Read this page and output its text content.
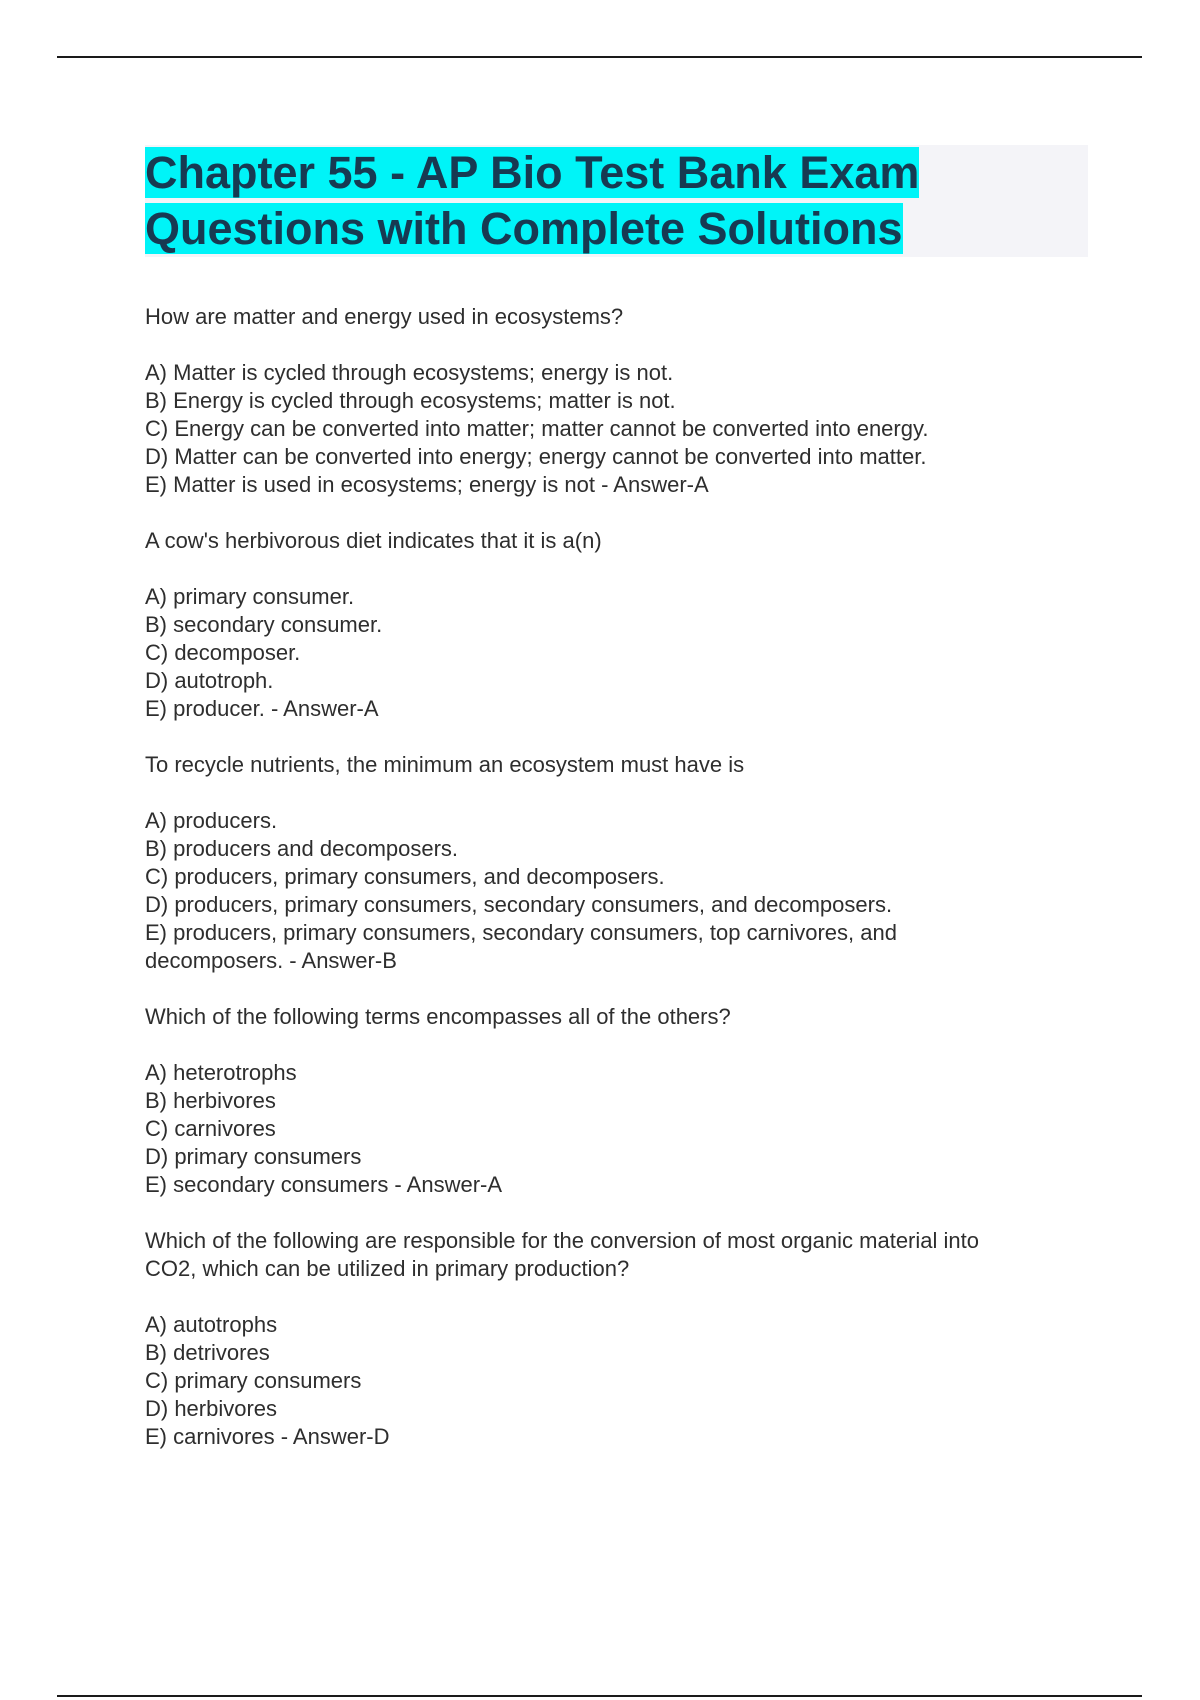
Chapter 55 - AP Bio Test Bank Exam Questions with Complete Solutions
How are matter and energy used in ecosystems?
A) Matter is cycled through ecosystems; energy is not.
B) Energy is cycled through ecosystems; matter is not.
C) Energy can be converted into matter; matter cannot be converted into energy.
D) Matter can be converted into energy; energy cannot be converted into matter.
E) Matter is used in ecosystems; energy is not - Answer-A
A cow's herbivorous diet indicates that it is a(n)
A) primary consumer.
B) secondary consumer.
C) decomposer.
D) autotroph.
E) producer. - Answer-A
To recycle nutrients, the minimum an ecosystem must have is
A) producers.
B) producers and decomposers.
C) producers, primary consumers, and decomposers.
D) producers, primary consumers, secondary consumers, and decomposers.
E) producers, primary consumers, secondary consumers, top carnivores, and
decomposers. - Answer-B
Which of the following terms encompasses all of the others?
A) heterotrophs
B) herbivores
C) carnivores
D) primary consumers
E) secondary consumers - Answer-A
Which of the following are responsible for the conversion of most organic material into
CO2, which can be utilized in primary production?
A) autotrophs
B) detrivores
C) primary consumers
D) herbivores
E) carnivores - Answer-D
